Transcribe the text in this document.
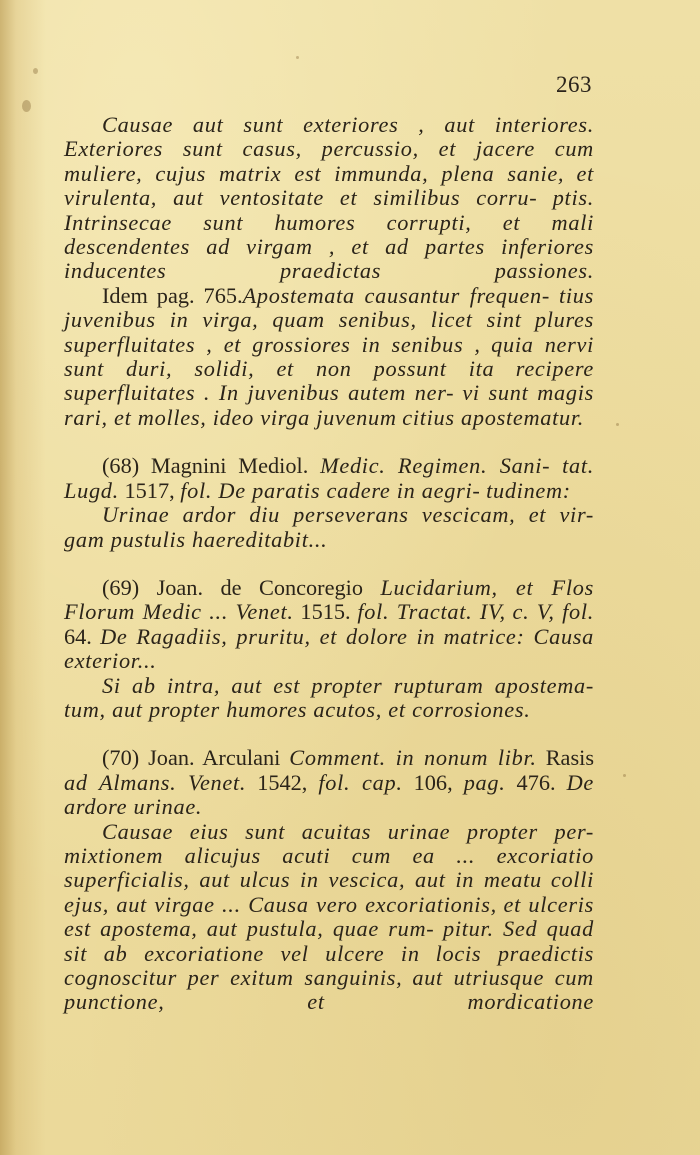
263

Causae aut sunt exteriores , aut interiores. Exteriores sunt casus, percussio, et jacere cum muliere, cujus matrix est immunda, plena sanie, et virulenta, aut ventositate et similibus corru- ptis. Intrinsecae sunt humores corrupti, et mali descendentes ad virgam , et ad partes inferiores inducentes praedictas passiones.

Idem pag. 765.Apostemata causantur frequen- tius juvenibus in virga, quam senibus, licet sint plures superfluitates , et grossiores in senibus , quia nervi sunt duri, solidi, et non possunt ita recipere superfluitates . In juvenibus autem ner- vi sunt magis rari, et molles, ideo virga juvenum citius apostematur.

(68) Magnini Mediol. Medic. Regimen. Sani- tat. Lugd. 1517, fol. De paratis cadere in aegri- tudinem:

Urinae ardor diu perseverans vescicam, et vir- gam pustulis haereditabit...

(69) Joan. de Concoregio Lucidarium, et Flos Florum Medic ... Venet. 1515. fol. Tractat. IV, c. V, fol. 64. De Ragadiis, pruritu, et dolore in matrice: Causa exterior...

Si ab intra, aut est propter rupturam apostema- tum, aut propter humores acutos, et corrosiones.

(70) Joan. Arculani Comment. in nonum libr. Rasis ad Almans. Venet. 1542, fol. cap. 106, pag. 476. De ardore urinae.

Causae eius sunt acuitas urinae propter per- mixtionem alicujus acuti cum ea ... excoriatio superficialis, aut ulcus in vescica, aut in meatu colli ejus, aut virgae ... Causa vero excoriationis, et ulceris est apostema, aut pustula, quae rum- pitur. Sed quad sit ab excoriatione vel ulcere in locis praedictis cognoscitur per exitum sanguinis, aut utriusque cum punctione, et mordicatione
